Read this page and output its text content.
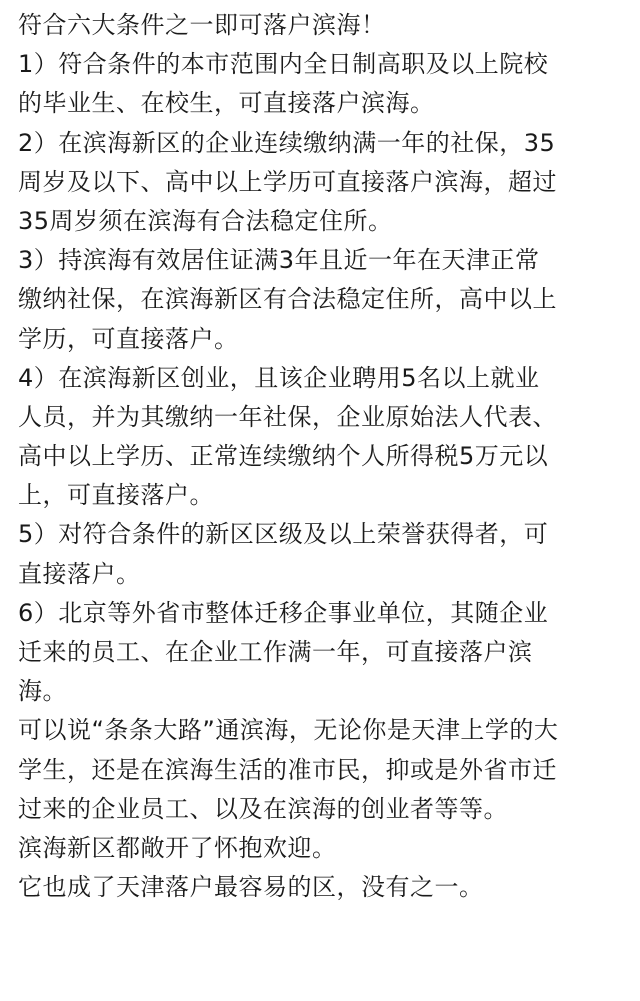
符合六大条件之一即可落户滨海！
1）符合条件的本市范围内全日制高职及以上院校
的毕业生、在校生，可直接落户滨海。
2）在滨海新区的企业连续缴纳满一年的社保，35
周岁及以下、高中以上学历可直接落户滨海，超过
35周岁须在滨海有合法稳定住所。
3）持滨海有效居住证满3年且近一年在天津正常
缴纳社保，在滨海新区有合法稳定住所，高中以上
学历，可直接落户。
4）在滨海新区创业，且该企业聘用5名以上就业
人员，并为其缴纳一年社保，企业原始法人代表、
高中以上学历、正常连续缴纳个人所得税5万元以
上，可直接落户。
5）对符合条件的新区区级及以上荣誉获得者，可
直接落户。
6）北京等外省市整体迁移企事业单位，其随企业
迁来的员工、在企业工作满一年，可直接落户滨
海。
可以说“条条大路”通滨海，无论你是天津上学的大
学生，还是在滨海生活的准市民，抑或是外省市迁
过来的企业员工、以及在滨海的创业者等等。
滨海新区都敞开了怀抱欢迎。
它也成了天津落户最容易的区，没有之一。
